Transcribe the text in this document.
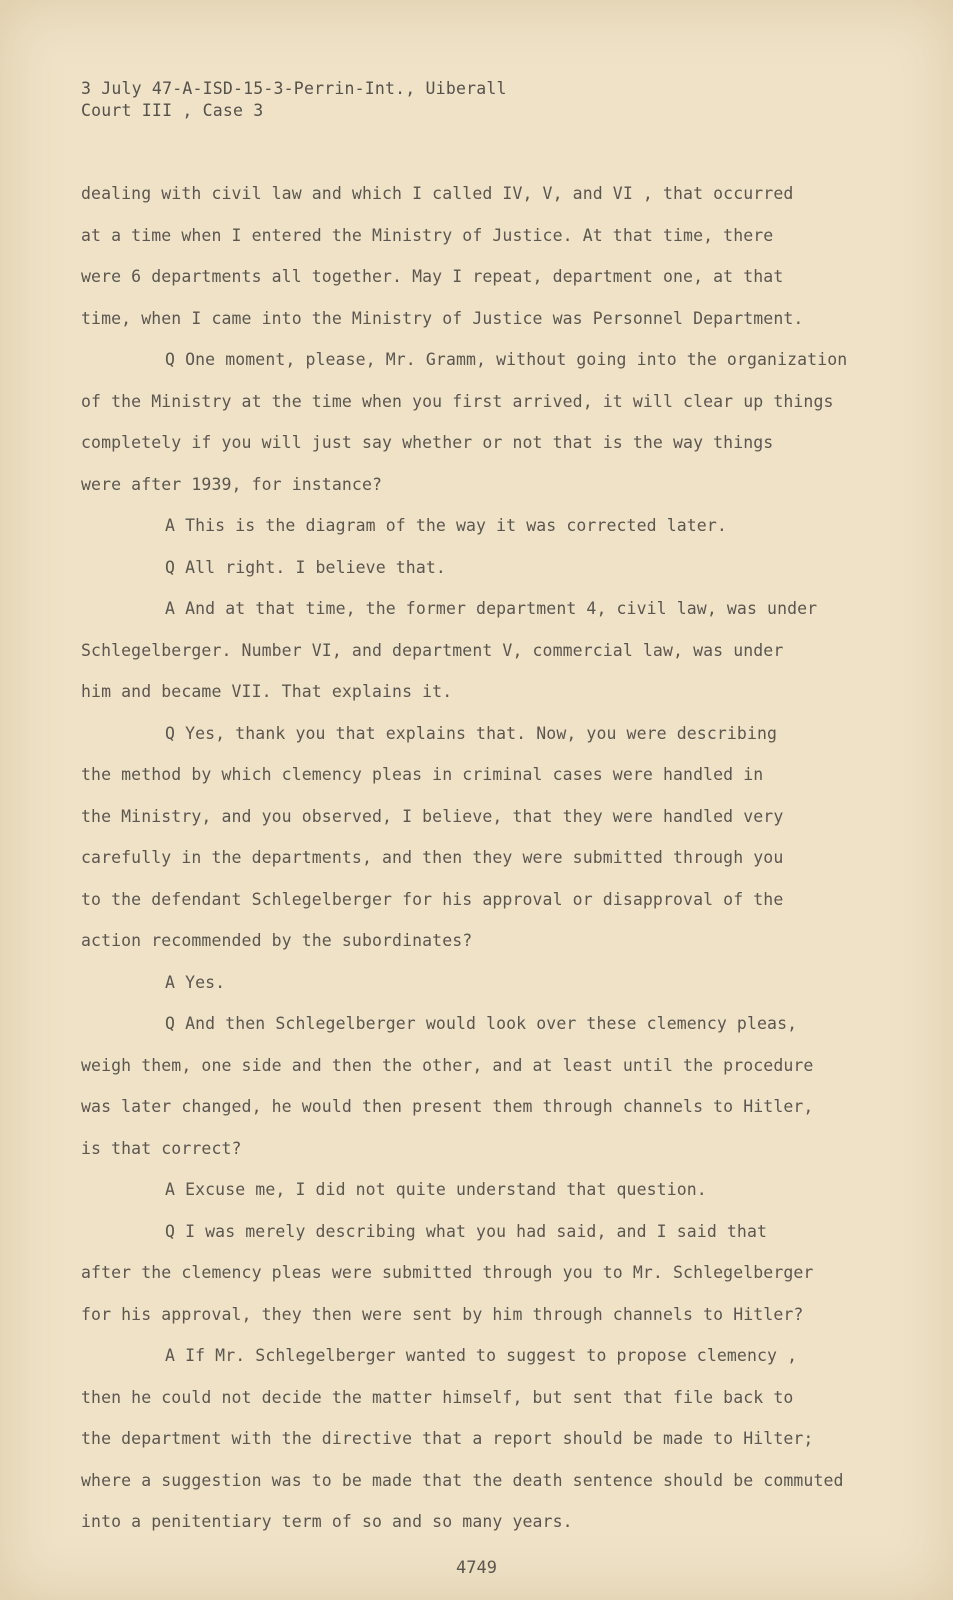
3 July 47-A-ISD-15-3-Perrin-Int., Uiberall
Court III , Case 3
dealing with civil law and which I called IV, V, and VI , that occurred
at a time when I entered the Ministry of Justice. At that time, there
were 6 departments all together. May I repeat, department one, at that
time, when I came into the Ministry of Justice was Personnel Department.
Q One moment, please, Mr. Gramm, without going into the organization
of the Ministry at the time when you first arrived, it will clear up things
completely if you will just say whether or not that is the way things
were after 1939, for instance?
A This is the diagram of the way it was corrected later.
Q All right. I believe that.
A And at that time, the former department 4, civil law, was under
Schlegelberger. Number VI, and department V, commercial law, was under
him and became VII. That explains it.
Q Yes, thank you that explains that. Now, you were describing
the method by which clemency pleas in criminal cases were handled in
the Ministry, and you observed, I believe, that they were handled very
carefully in the departments, and then they were submitted through you
to the defendant Schlegelberger for his approval or disapproval of the
action recommended by the subordinates?
A Yes.
Q And then Schlegelberger would look over these clemency pleas,
weigh them, one side and then the other, and at least until the procedure
was later changed, he would then present them through channels to Hitler,
is that correct?
A Excuse me, I did not quite understand that question.
Q I was merely describing what you had said, and I said that
after the clemency pleas were submitted through you to Mr. Schlegelberger
for his approval, they then were sent by him through channels to Hitler?
A If Mr. Schlegelberger wanted to suggest to propose clemency ,
then he could not decide the matter himself, but sent that file back to
the department with the directive that a report should be made to Hilter;
where a suggestion was to be made that the death sentence should be commuted
into a penitentiary term of so and so many years.
4749
